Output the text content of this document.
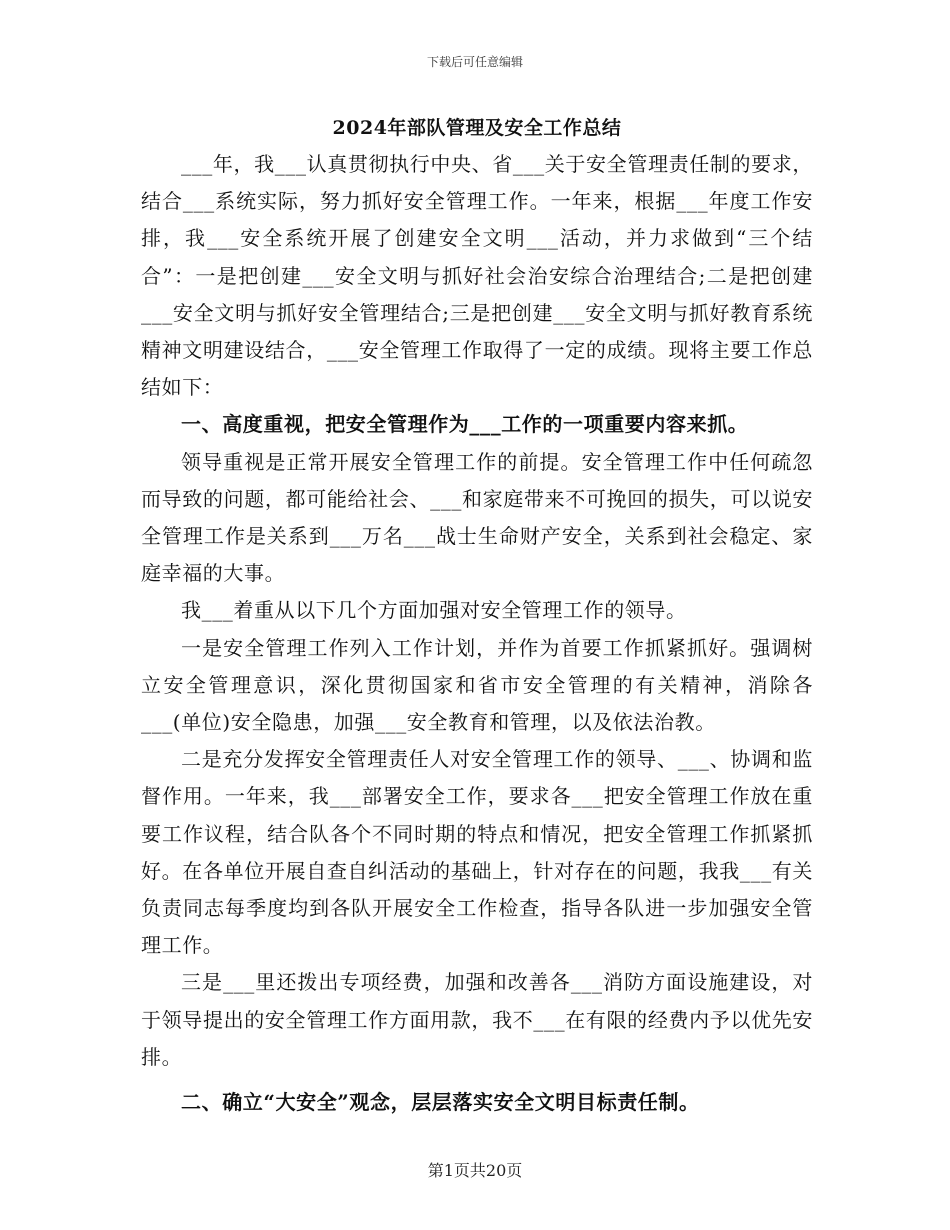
下载后可任意编辑

2024年部队管理及安全工作总结

___年，我___认真贯彻执行中央、省___关于安全管理责任制的要求，结合___系统实际，努力抓好安全管理工作。一年来，根据___年度工作安排，我___安全系统开展了创建安全文明___活动，并力求做到“三个结合”：一是把创建___安全文明与抓好社会治安综合治理结合;二是把创建___安全文明与抓好安全管理结合;三是把创建___安全文明与抓好教育系统精神文明建设结合，___安全管理工作取得了一定的成绩。现将主要工作总结如下：

一、高度重视，把安全管理作为___工作的一项重要内容来抓。

领导重视是正常开展安全管理工作的前提。安全管理工作中任何疏忽而导致的问题，都可能给社会、___和家庭带来不可挽回的损失，可以说安全管理工作是关系到___万名___战士生命财产安全，关系到社会稳定、家庭幸福的大事。

我___着重从以下几个方面加强对安全管理工作的领导。

一是安全管理工作列入工作计划，并作为首要工作抓紧抓好。强调树立安全管理意识，深化贯彻国家和省市安全管理的有关精神，消除各___(单位)安全隐患，加强___安全教育和管理，以及依法治教。

二是充分发挥安全管理责任人对安全管理工作的领导、___、协调和监督作用。一年来，我___部署安全工作，要求各___把安全管理工作放在重要工作议程，结合队各个不同时期的特点和情况，把安全管理工作抓紧抓好。在各单位开展自查自纠活动的基础上，针对存在的问题，我我___有关负责同志每季度均到各队开展安全工作检查，指导各队进一步加强安全管理工作。

三是___里还拨出专项经费，加强和改善各___消防方面设施建设，对于领导提出的安全管理工作方面用款，我不___在有限的经费内予以优先安排。

二、确立“大安全”观念，层层落实安全文明目标责任制。

第1页共20页
